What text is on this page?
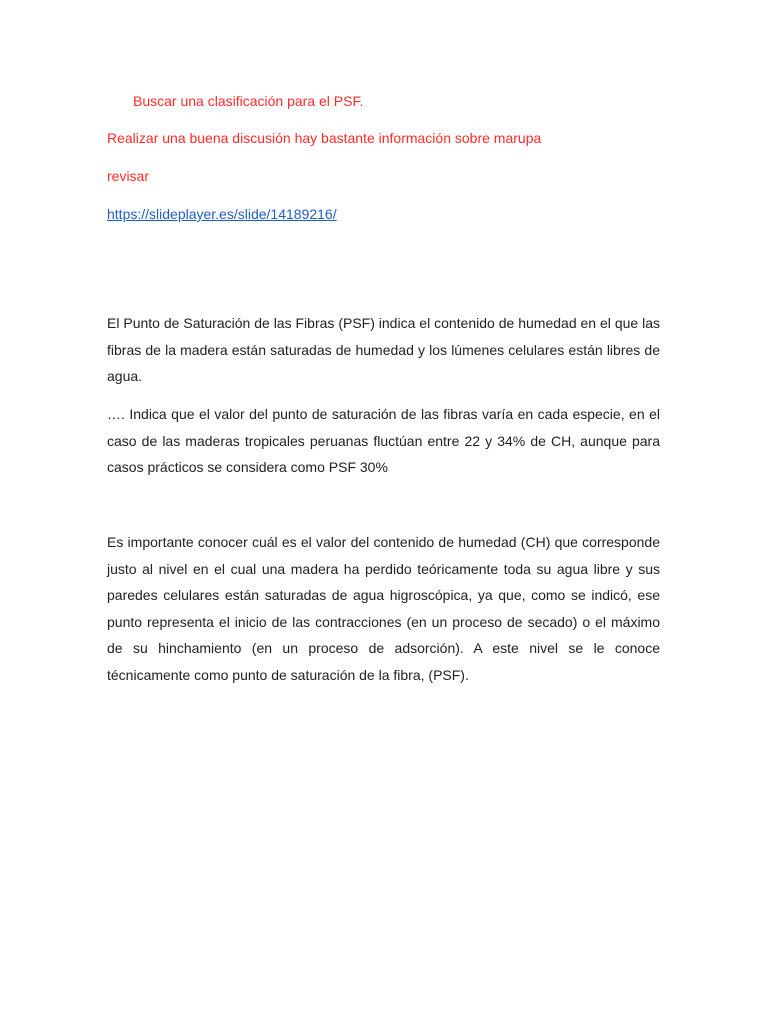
Buscar una clasificación para el PSF.
Realizar una buena discusión hay bastante información sobre marupa
revisar
https://slideplayer.es/slide/14189216/

El Punto de Saturación de las Fibras (PSF) indica el contenido de humedad en el que las fibras de la madera están saturadas de humedad y los lúmenes celulares están libres de agua.

…. Indica que el valor del punto de saturación de las fibras varía en cada especie, en el caso de las maderas tropicales peruanas fluctúan entre 22 y 34% de CH, aunque para casos prácticos se considera como PSF 30%

Es importante conocer cuál es el valor del contenido de humedad (CH) que corresponde justo al nivel en el cual una madera ha perdido teóricamente toda su agua libre y sus paredes celulares están saturadas de agua higroscópica, ya que, como se indicó, ese punto representa el inicio de las contracciones (en un proceso de secado) o el máximo de su hinchamiento (en un proceso de adsorción). A este nivel se le conoce técnicamente como punto de saturación de la fibra, (PSF).
